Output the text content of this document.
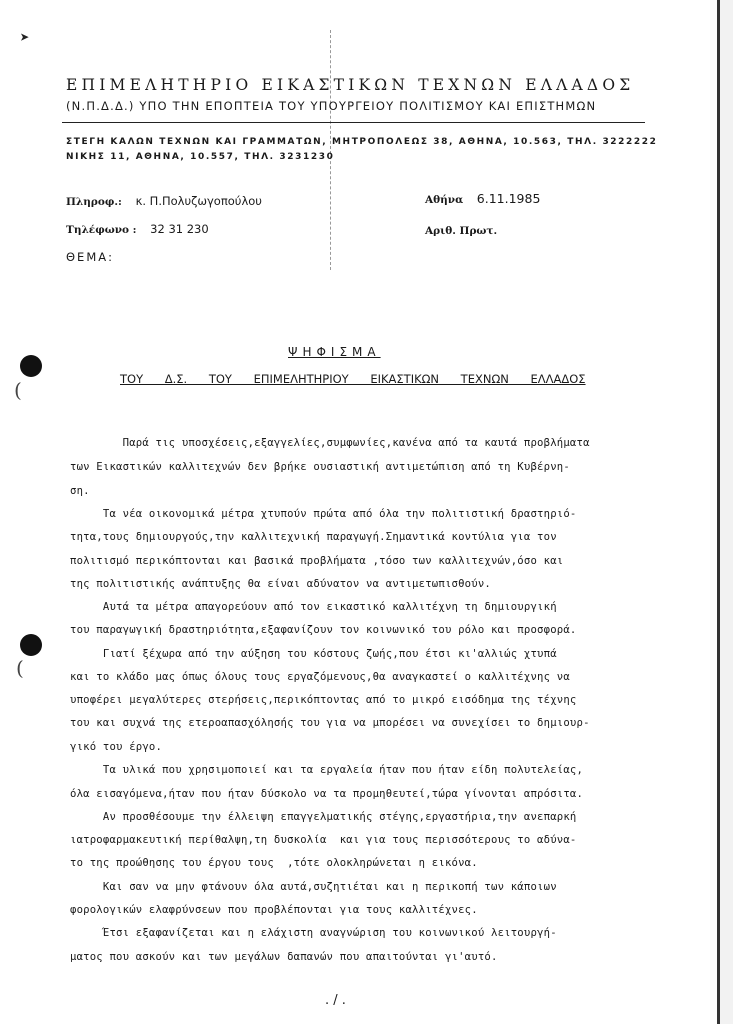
➤
(
(
ΕΠΙΜΕΛΗΤΗΡΙΟ ΕΙΚΑΣΤΙΚΩΝ ΤΕΧΝΩΝ ΕΛΛΑΔΟΣ
(Ν.Π.Δ.Δ.) ΥΠΟ ΤΗΝ ΕΠΟΠΤΕΙΑ ΤΟΥ ΥΠΟΥΡΓΕΙΟΥ ΠΟΛΙΤΙΣΜΟΥ ΚΑΙ ΕΠΙΣΤΗΜΩΝ
ΣΤΕΓΗ ΚΑΛΩΝ ΤΕΧΝΩΝ ΚΑΙ ΓΡΑΜΜΑΤΩΝ, ΜΗΤΡΟΠΟΛΕΩΣ 38, ΑΘΗΝΑ, 10.563, ΤΗΛ. 3222222
ΝΙΚΗΣ 11, ΑΘΗΝΑ, 10.557, ΤΗΛ. 3231230
Πληροφ.: κ. Π.Πολυζωγοπούλου
Τηλέφωνο : 32 31 230
Αθήνα 6.11.1985
Αριθ. Πρωτ.
ΘΕΜΑ:
ΨΗΦΙΣΜΑ
ΤΟΥ Δ.Σ. ΤΟΥ ΕΠΙΜΕΛΗΤΗΡΙΟΥ ΕΙΚΑΣΤΙΚΩΝ ΤΕΧΝΩΝ ΕΛΛΑΔΟΣ
Παρά τις υποσχέσεις,εξαγγελίες,συμφωνίες,κανένα από τα καυτά προβλήματα
των Εικαστικών καλλιτεχνών δεν βρήκε ουσιαστική αντιμετώπιση από τη Κυβέρνη-
ση.
Τα νέα οικονομικά μέτρα χτυπούν πρώτα από όλα την πολιτιστική δραστηριό-
τητα,τους δημιουργούς,την καλλιτεχνική παραγωγή.Σημαντικά κοντύλια για τον
πολιτισμό περικόπτονται και βασικά προβλήματα ,τόσο των καλλιτεχνών,όσο και
της πολιτιστικής ανάπτυξης θα είναι αδύνατον να αντιμετωπισθούν.
Αυτά τα μέτρα απαγορεύουν από τον εικαστικό καλλιτέχνη τη δημιουργική
του παραγωγική δραστηριότητα,εξαφανίζουν τον κοινωνικό του ρόλο και προσφορά.
Γιατί ξέχωρα από την αύξηση του κόστους ζωής,που έτσι κι'αλλιώς χτυπά
και το κλάδο μας όπως όλους τους εργαζόμενους,θα αναγκαστεί ο καλλιτέχνης να
υποφέρει μεγαλύτερες στερήσεις,περικόπτοντας από το μικρό εισόδημα της τέχνης
του και συχνά της ετεροαπασχόλησής του για να μπορέσει να συνεχίσει το δημιουρ-
γικό του έργο.
Τα υλικά που χρησιμοποιεί και τα εργαλεία ήταν που ήταν είδη πολυτελείας,
όλα εισαγόμενα,ήταν που ήταν δύσκολο να τα προμηθευτεί,τώρα γίνονται απρόσιτα.
Αν προσθέσουμε την έλλειψη επαγγελματικής στέγης,εργαστήρια,την ανεπαρκή
ιατροφαρμακευτική περίθαλψη,τη δυσκολία  και για τους περισσότερους το αδύνα-
το της προώθησης του έργου τους  ,τότε ολοκληρώνεται η εικόνα.
Και σαν να μην φτάνουν όλα αυτά,συζητιέται και η περικοπή των κάποιων
φορολογικών ελαφρύνσεων που προβλέπονται για τους καλλιτέχνες.
Έτσι εξαφανίζεται και η ελάχιστη αναγνώριση του κοινωνικού λειτουργή-
ματος που ασκούν και των μεγάλων δαπανών που απαιτούνται γι'αυτό.
. / .
